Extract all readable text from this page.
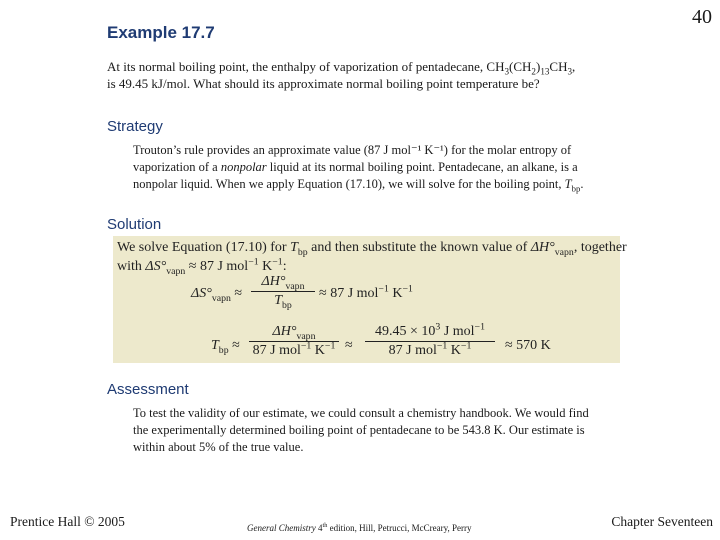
40
Example 17.7
At its normal boiling point, the enthalpy of vaporization of pentadecane, $CH_3(CH_2)_{13}CH_3$,
is 49.45 kJ/mol. What should its approximate normal boiling point temperature be?
Strategy
Trouton’s rule provides an approximate value (87 J mol⁻¹ K⁻¹) for the molar entropy of vaporization of a nonpolar liquid at its normal boiling point. Pentadecane, an alkane, is a nonpolar liquid. When we apply Equation (17.10), we will solve for the boiling point, $T_{bp}$.
Solution
We solve Equation (17.10) for $T_{bp}$ and then substitute the known value of $\Delta H^\circ_{vapn}$, together
with $\Delta S^\circ_{vapn} \approx 87$ J mol$^{-1}$ $K^{-1}$:
$\Delta S^\circ_{vapn}$ ≈
$\Delta H^\circ_{vapn}$
$T_{bp}$
≈ 87 J mol$^{-1}$ $K^{-1}$
$T_{bp}$ ≈
$\Delta H^\circ_{vapn}$
87 J mol$^{-1}$ $K^{-1}$ ≈
$49.45 \times 10^3$ J mol$^{-1}$
87 J mol$^{-1}$ $K^{-1}$	≈ 570 K
Assessment
To test the validity of our estimate, we could consult a chemistry handbook. We would find the experimentally determined boiling point of pentadecane to be 543.8 K. Our estimate is within about 5% of the true value.
Prentice Hall © 2005	General Chemistry 4th edition, Hill, Petrucci, McCreary, Perry	Chapter Seventeen
